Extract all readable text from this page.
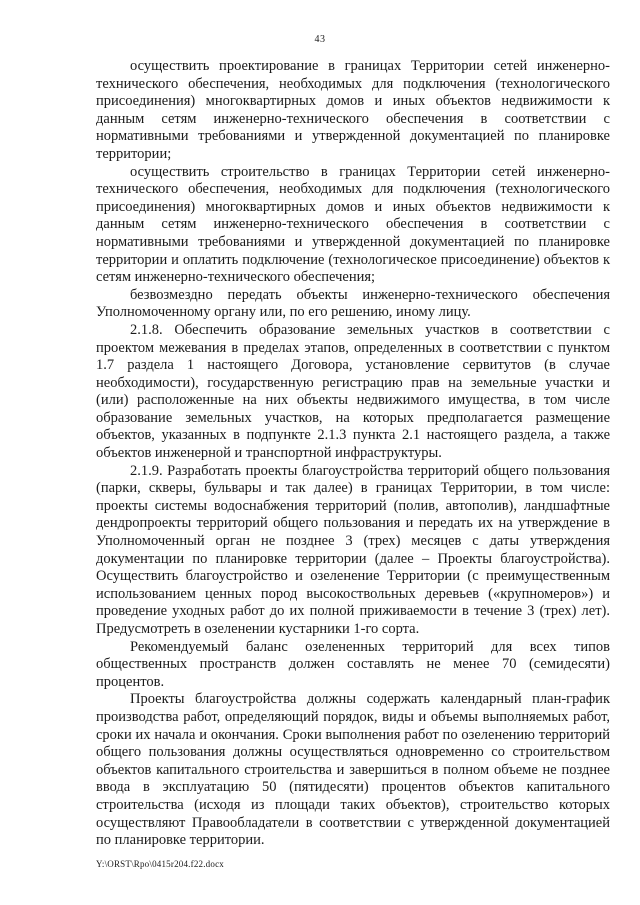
43

осуществить проектирование в границах Территории сетей инженерно-технического обеспечения, необходимых для подключения (технологического присоединения) многоквартирных домов и иных объектов недвижимости к данным сетям инженерно-технического обеспечения в соответствии с нормативными требованиями и утвержденной документацией по планировке территории;

осуществить строительство в границах Территории сетей инженерно-технического обеспечения, необходимых для подключения (технологического присоединения) многоквартирных домов и иных объектов недвижимости к данным сетям инженерно-технического обеспечения в соответствии с нормативными требованиями и утвержденной документацией по планировке территории и оплатить подключение (технологическое присоединение) объектов к сетям инженерно-технического обеспечения;

безвозмездно передать объекты инженерно-технического обеспечения Уполномоченному органу или, по его решению, иному лицу.

2.1.8. Обеспечить образование земельных участков в соответствии с проектом межевания в пределах этапов, определенных в соответствии с пунктом 1.7 раздела 1 настоящего Договора, установление сервитутов (в случае необходимости), государственную регистрацию прав на земельные участки и (или) расположенные на них объекты недвижимого имущества, в том числе образование земельных участков, на которых предполагается размещение объектов, указанных в подпункте 2.1.3 пункта 2.1 настоящего раздела, а также объектов инженерной и транспортной инфраструктуры.

2.1.9. Разработать проекты благоустройства территорий общего пользования (парки, скверы, бульвары и так далее) в границах Территории, в том числе: проекты системы водоснабжения территорий (полив, автополив), ландшафтные дендропроекты территорий общего пользования и передать их на утверждение в Уполномоченный орган не позднее 3 (трех) месяцев с даты утверждения документации по планировке территории (далее – Проекты благоустройства). Осуществить благоустройство и озеленение Территории (с преимущественным использованием ценных пород высокоствольных деревьев («крупномеров») и проведение уходных работ до их полной приживаемости в течение 3 (трех) лет). Предусмотреть в озеленении кустарники 1-го сорта.

Рекомендуемый баланс озелененных территорий для всех типов общественных пространств должен составлять не менее 70 (семидесяти) процентов.

Проекты благоустройства должны содержать календарный план-график производства работ, определяющий порядок, виды и объемы выполняемых работ, сроки их начала и окончания. Сроки выполнения работ по озеленению территорий общего пользования должны осуществляться одновременно со строительством объектов капитального строительства и завершиться в полном объеме не позднее ввода в эксплуатацию 50 (пятидесяти) процентов объектов капитального строительства (исходя из площади таких объектов), строительство которых осуществляют Правообладатели в соответствии с утвержденной документацией по планировке территории.

Y:\ORST\Rpo\0415r204.f22.docx
